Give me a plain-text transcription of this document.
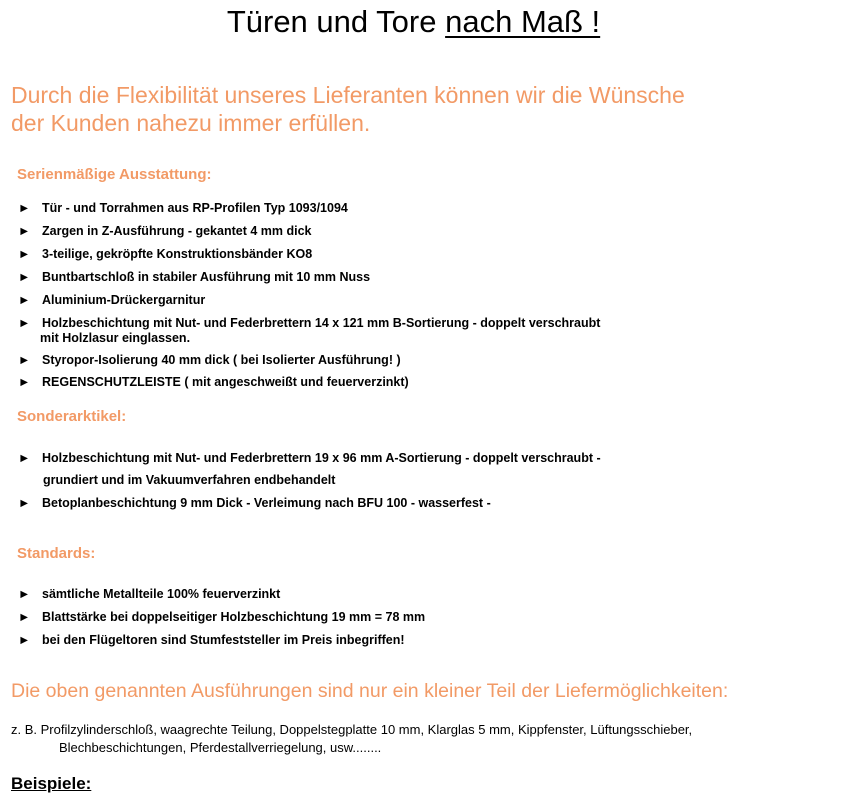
Türen und Tore nach Maß !
Durch die Flexibilität unseres Lieferanten können wir die Wünsche
der Kunden nahezu immer erfüllen.
Serienmäßige Ausstattung:
► Tür - und Torrahmen aus RP-Profilen Typ 1093/1094
► Zargen in Z-Ausführung - gekantet 4 mm dick
► 3-teilige, gekröpfte Konstruktionsbänder KO8
► Buntbartschloß in stabiler Ausführung mit 10 mm Nuss
► Aluminium-Drückergarnitur
► Holzbeschichtung mit Nut- und Federbrettern 14 x 121 mm B-Sortierung - doppelt verschraubt
mit Holzlasur einglassen.
► Styropor-Isolierung 40 mm dick ( bei Isolierter Ausführung! )
► REGENSCHUTZLEISTE ( mit angeschweißt und feuerverzinkt)
Sonderarktikel:
► Holzbeschichtung mit Nut- und Federbrettern 19 x 96 mm A-Sortierung - doppelt verschraubt -
grundiert und im Vakuumverfahren endbehandelt
► Betoplanbeschichtung 9 mm Dick - Verleimung nach BFU 100 - wasserfest -
Standards:
► sämtliche Metallteile 100% feuerverzinkt
► Blattstärke bei doppelseitiger Holzbeschichtung 19 mm = 78 mm
► bei den Flügeltoren sind Stumfeststeller im Preis inbegriffen!
Die oben genannten Ausführungen sind nur ein kleiner Teil der Liefermöglichkeiten:
z. B. Profilzylinderschloß, waagrechte Teilung, Doppelstegplatte 10 mm, Klarglas 5 mm, Kippfenster, Lüftungsschieber,
Blechbeschichtungen, Pferdestallverriegelung, usw........
Beispiele:
